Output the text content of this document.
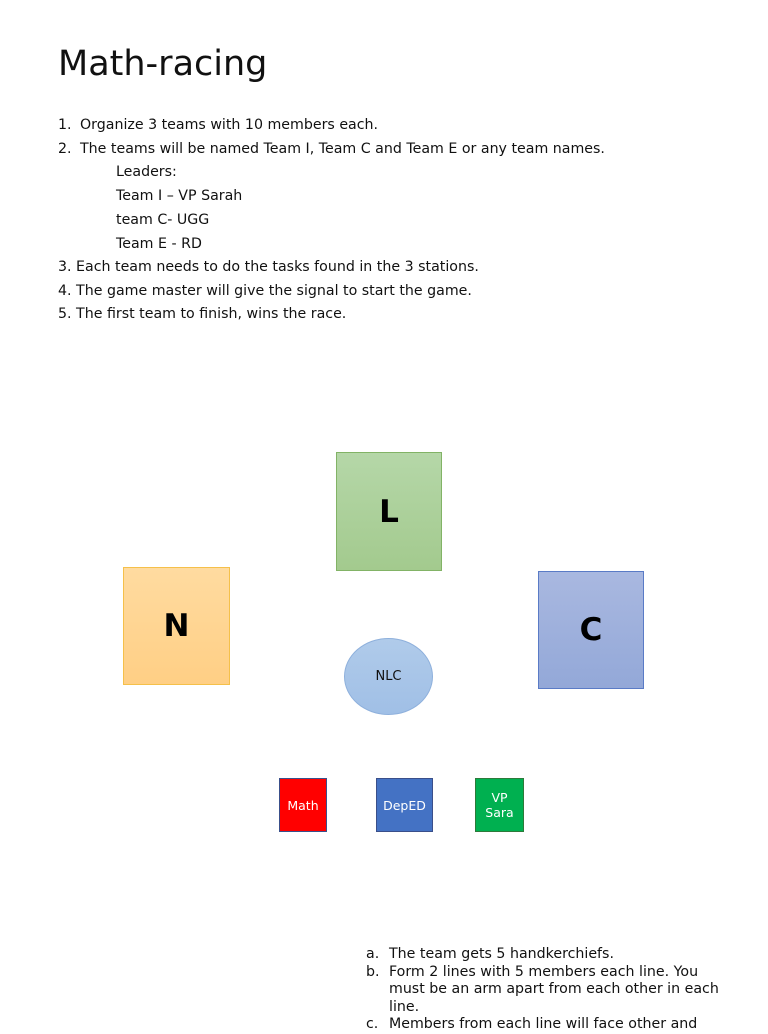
Math-racing
1. Organize 3 teams with 10 members each.
2. The teams will be named Team I, Team C and Team E or any team names.
Leaders:
Team I – VP Sarah
team C- UGG
Team E - RD
3. Each team needs to do the tasks found in the 3 stations.
4. The game master will give the signal to start the game.
5. The first team to finish, wins the race.
L
N	C
NLC
Math	DepED	VP
Sara
a. The team gets 5 handkerchiefs.
b. Form 2 lines with 5 members each line. You must be an arm apart from each other in each line.
c. Members from each line will face other and
